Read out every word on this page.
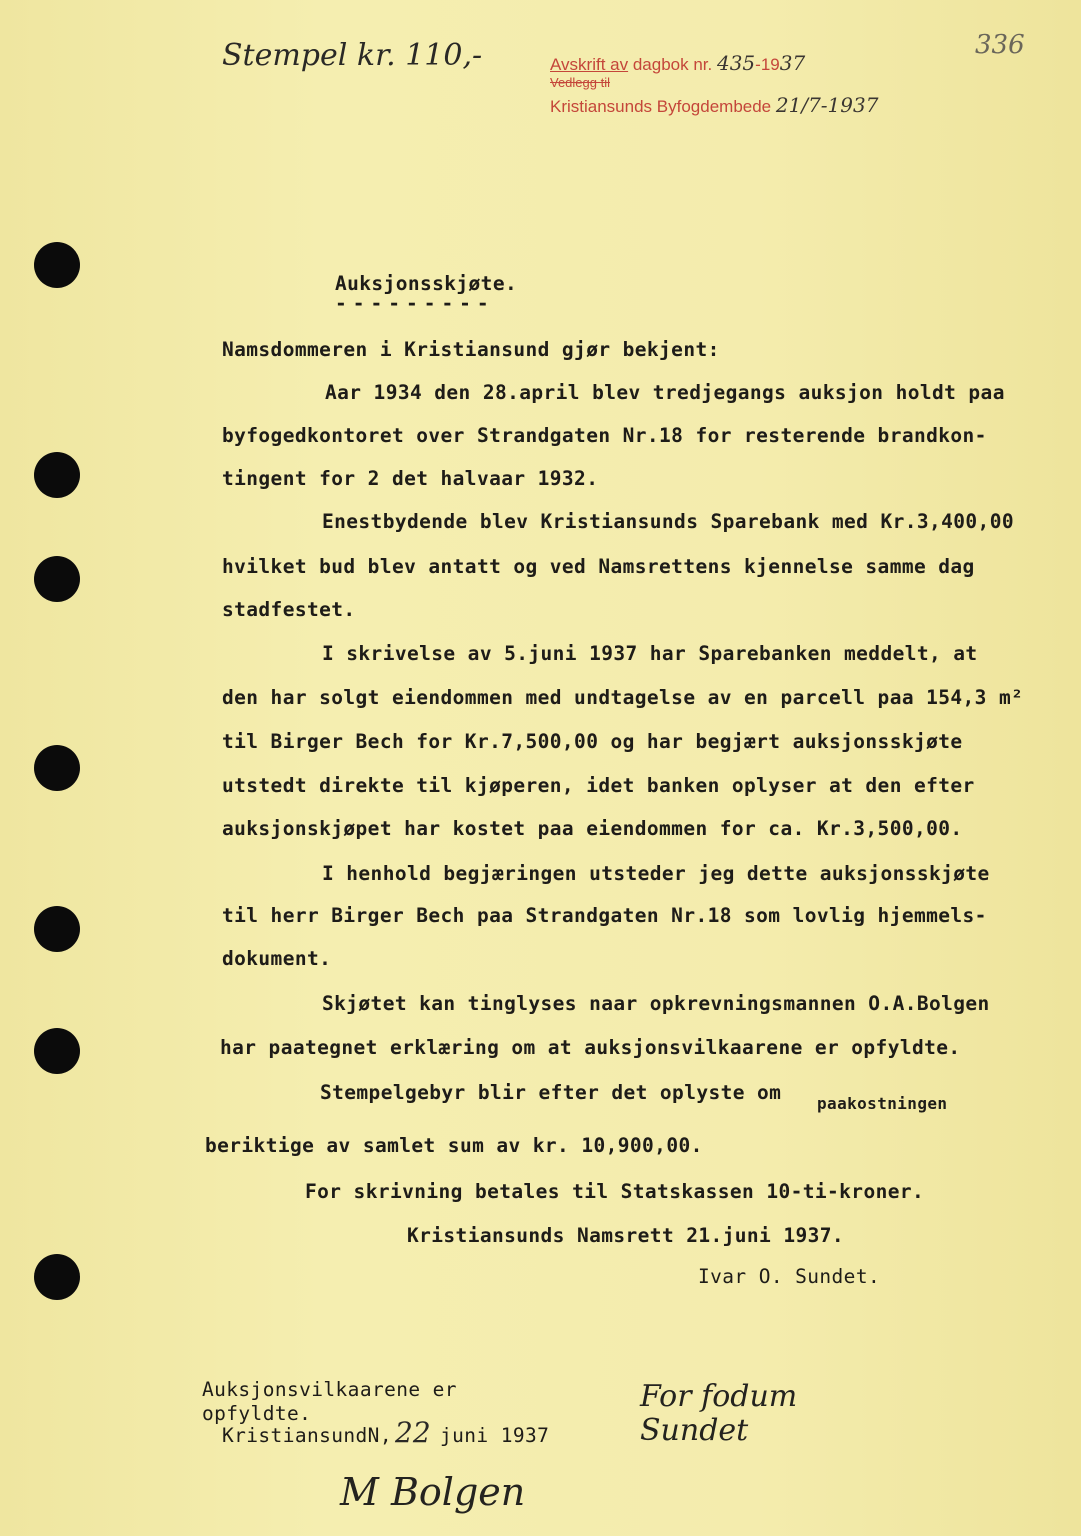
Stempel kr. 110,-	336
Avskrift av dagbok nr. 435-1937
Vedlegg til
Kristiansunds Byfogdembede 21/7-1937
Auksjonsskjøte.
---------
Namsdommeren i Kristiansund gjør bekjent:
Aar 1934 den 28.april blev tredjegangs auksjon holdt paa
byfogedkontoret over Strandgaten Nr.18 for resterende brandkon-
tingent for 2 det halvaar 1932.
Enestbydende blev Kristiansunds Sparebank med Kr.3,400,00
hvilket bud blev antatt og ved Namsrettens kjennelse samme dag
stadfestet.
I skrivelse av 5.juni 1937 har Sparebanken meddelt, at
den har solgt eiendommen med undtagelse av en parcell paa 154,3 m²
til Birger Bech for Kr.7,500,00 og har begjært auksjonsskjøte
utstedt direkte til kjøperen, idet banken oplyser at den efter
auksjonskjøpet har kostet paa eiendommen for ca. Kr.3,500,00.
I henhold begjæringen utsteder jeg dette auksjonsskjøte
til herr Birger Bech paa Strandgaten Nr.18 som lovlig hjemmels-
dokument.
Skjøtet kan tinglyses naar opkrevningsmannen O.A.Bolgen
har paategnet erklæring om at auksjonsvilkaarene er opfyldte.
Stempelgebyr blir efter det oplyste om paakostningen
beriktige av samlet sum av kr. 10,900,00.
For skrivning betales til Statskassen 10-ti-kroner.
Kristiansunds Namsrett 21.juni 1937.
Ivar O. Sundet.
Auksjonsvilkaarene er
opfyldte.
KristiansundN, 22 juni 1937
For fodum Sundet
M Bolgen
